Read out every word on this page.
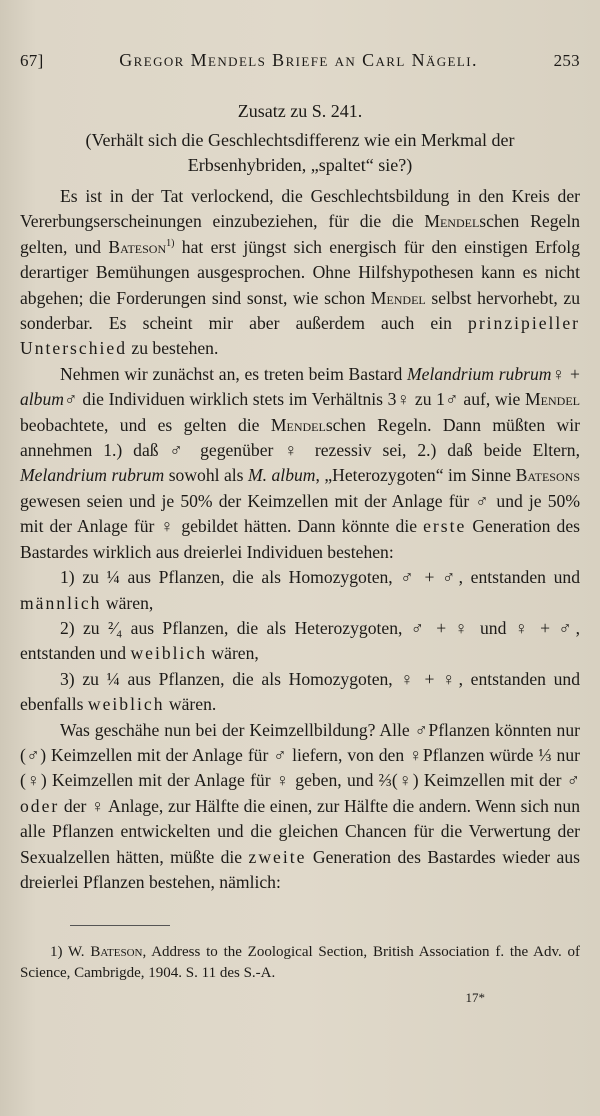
67]	Gregor Mendels Briefe an Carl Nägeli.	253
Zusatz zu S. 241.
(Verhält sich die Geschlechtsdifferenz wie ein Merkmal der Erbsenhybriden, „spaltet“ sie?)

Es ist in der Tat verlockend, die Geschlechtsbildung in den Kreis der Vererbungserscheinungen einzubeziehen, für die die Mendelschen Regeln gelten, und Bateson$^{1)}$ hat erst jüngst sich energisch für den einstigen Erfolg derartiger Bemühungen ausgesprochen. Ohne Hilfshypothesen kann es nicht abgehen; die Forderungen sind sonst, wie schon Mendel selbst hervorhebt, zu sonderbar. Es scheint mir aber außerdem auch ein prinzipieller Unterschied zu bestehen.

Nehmen wir zunächst an, es treten beim Bastard Melandrium rubrum♀ + album♂ die Individuen wirklich stets im Verhältnis 3♀ zu 1♂ auf, wie Mendel beobachtete, und es gelten die Mendelschen Regeln. Dann müßten wir annehmen 1.) daß ♂ gegenüber ♀ rezessiv sei, 2.) daß beide Eltern, Melandrium rubrum sowohl als M. album, „Heterozygoten“ im Sinne Batesons gewesen seien und je 50% der Keimzellen mit der Anlage für ♂ und je 50% mit der Anlage für ♀ gebildet hätten. Dann könnte die erste Generation des Bastardes wirklich aus dreierlei Individuen bestehen:

1) zu ¼ aus Pflanzen, die als Homozygoten, ♂ + ♂, entstanden und männlich wären,

2) zu ²⁄₄ aus Pflanzen, die als Heterozygoten, ♂ + ♀ und ♀ + ♂, entstanden und weiblich wären,

3) zu ¼ aus Pflanzen, die als Homozygoten, ♀ + ♀, entstanden und ebenfalls weiblich wären.

Was geschähe nun bei der Keimzellbildung? Alle ♂Pflanzen könnten nur (♂) Keimzellen mit der Anlage für ♂ liefern, von den ♀Pflanzen würde ⅓ nur (♀) Keimzellen mit der Anlage für ♀ geben, und ⅔(♀) Keimzellen mit der ♂ oder der ♀ Anlage, zur Hälfte die einen, zur Hälfte die andern. Wenn sich nun alle Pflanzen entwickelten und die gleichen Chancen für die Verwertung der Sexualzellen hätten, müßte die zweite Generation des Bastardes wieder aus dreierlei Pflanzen bestehen, nämlich:

1) W. Bateson, Address to the Zoological Section, British Association f. the Adv. of Science, Cambrigde, 1904. S. 11 des S.-A.

17*
